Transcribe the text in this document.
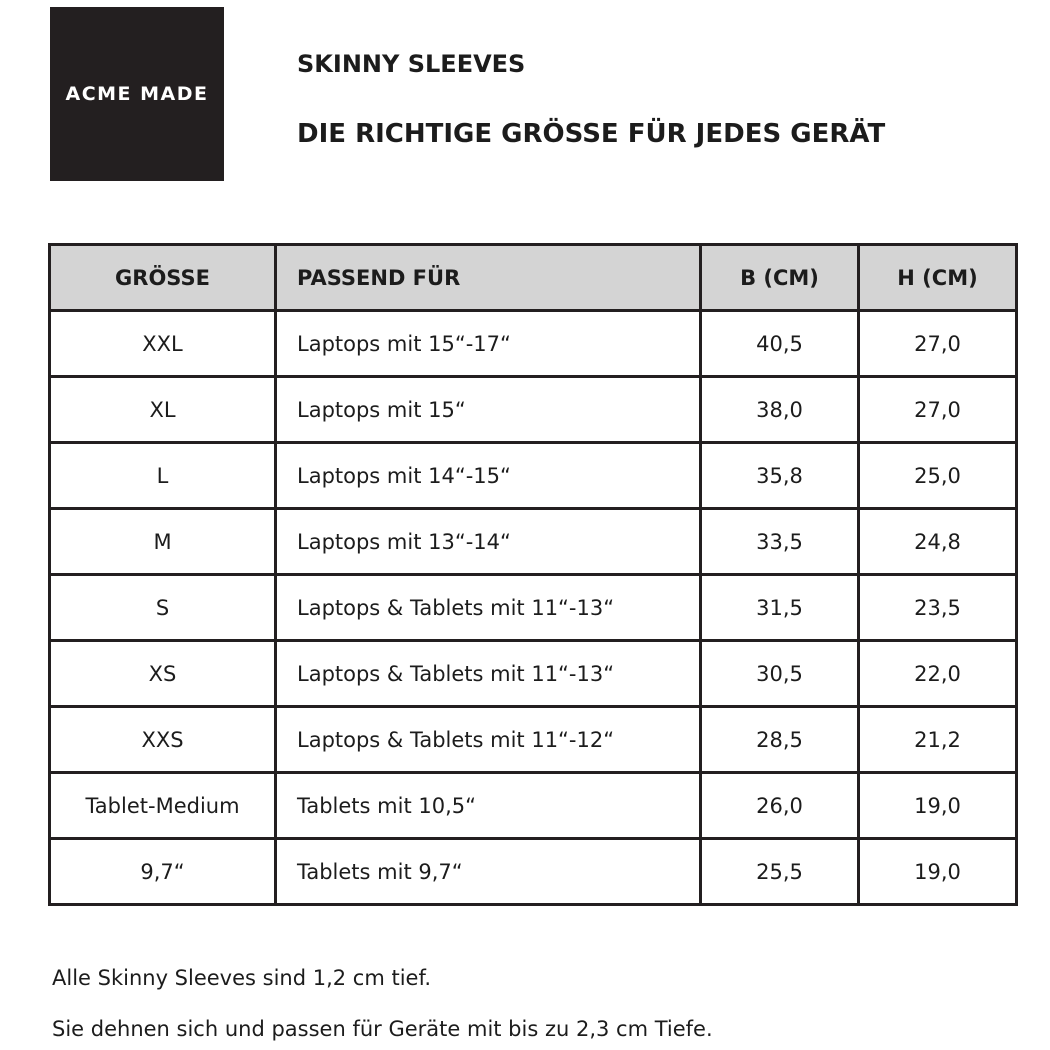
ACME MADE
SKINNY SLEEVES
DIE RICHTIGE GRÖSSE FÜR JEDES GERÄT
GRÖSSE	PASSEND FÜR	B (CM)	H (CM)
XXL	Laptops mit 15“-17“	40,5	27,0
XL	Laptops mit 15“	38,0	27,0
L	Laptops mit 14“-15“	35,8	25,0
M	Laptops mit 13“-14“	33,5	24,8
S	Laptops & Tablets mit 11“-13“	31,5	23,5
XS	Laptops & Tablets mit 11“-13“	30,5	22,0
XXS	Laptops & Tablets mit 11“-12“	28,5	21,2
Tablet-Medium	Tablets mit 10,5“	26,0	19,0
9,7“	Tablets mit 9,7“	25,5	19,0
Alle Skinny Sleeves sind 1,2 cm tief.
Sie dehnen sich und passen für Geräte mit bis zu 2,3 cm Tiefe.
